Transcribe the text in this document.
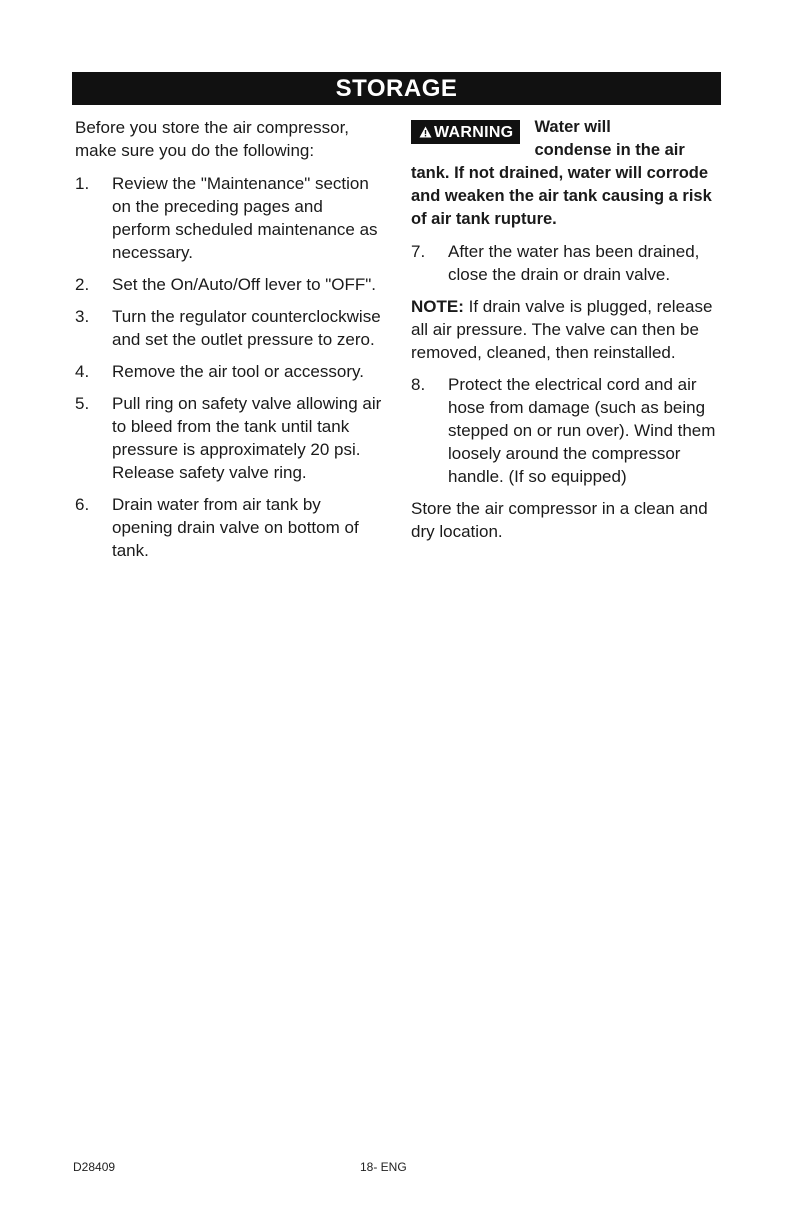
STORAGE

Before you store the air compressor, make sure you do the following:

1. Review the "Maintenance" section on the preceding pages and perform scheduled maintenance as necessary.
2. Set the On/Auto/Off lever to "OFF".
3. Turn the regulator counterclockwise and set the outlet pressure to zero.
4. Remove the air tool or accessory.
5. Pull ring on safety valve allowing air to bleed from the tank until tank pressure is approximately 20 psi. Release safety valve ring.
6. Drain water from air tank by opening drain valve on bottom of tank.
WARNING Water will
condense in the air

tank. If not drained, water will corrode and weaken the air tank causing a risk of air tank rupture.

7. After the water has been drained, close the drain or drain valve.

NOTE: If drain valve is plugged, release all air pressure. The valve can then be removed, cleaned, then reinstalled.

8. Protect the electrical cord and air hose from damage (such as being stepped on or run over). Wind them loosely around the compressor handle. (If so equipped)

Store the air compressor in a clean and dry location.

D28409	18- ENG
